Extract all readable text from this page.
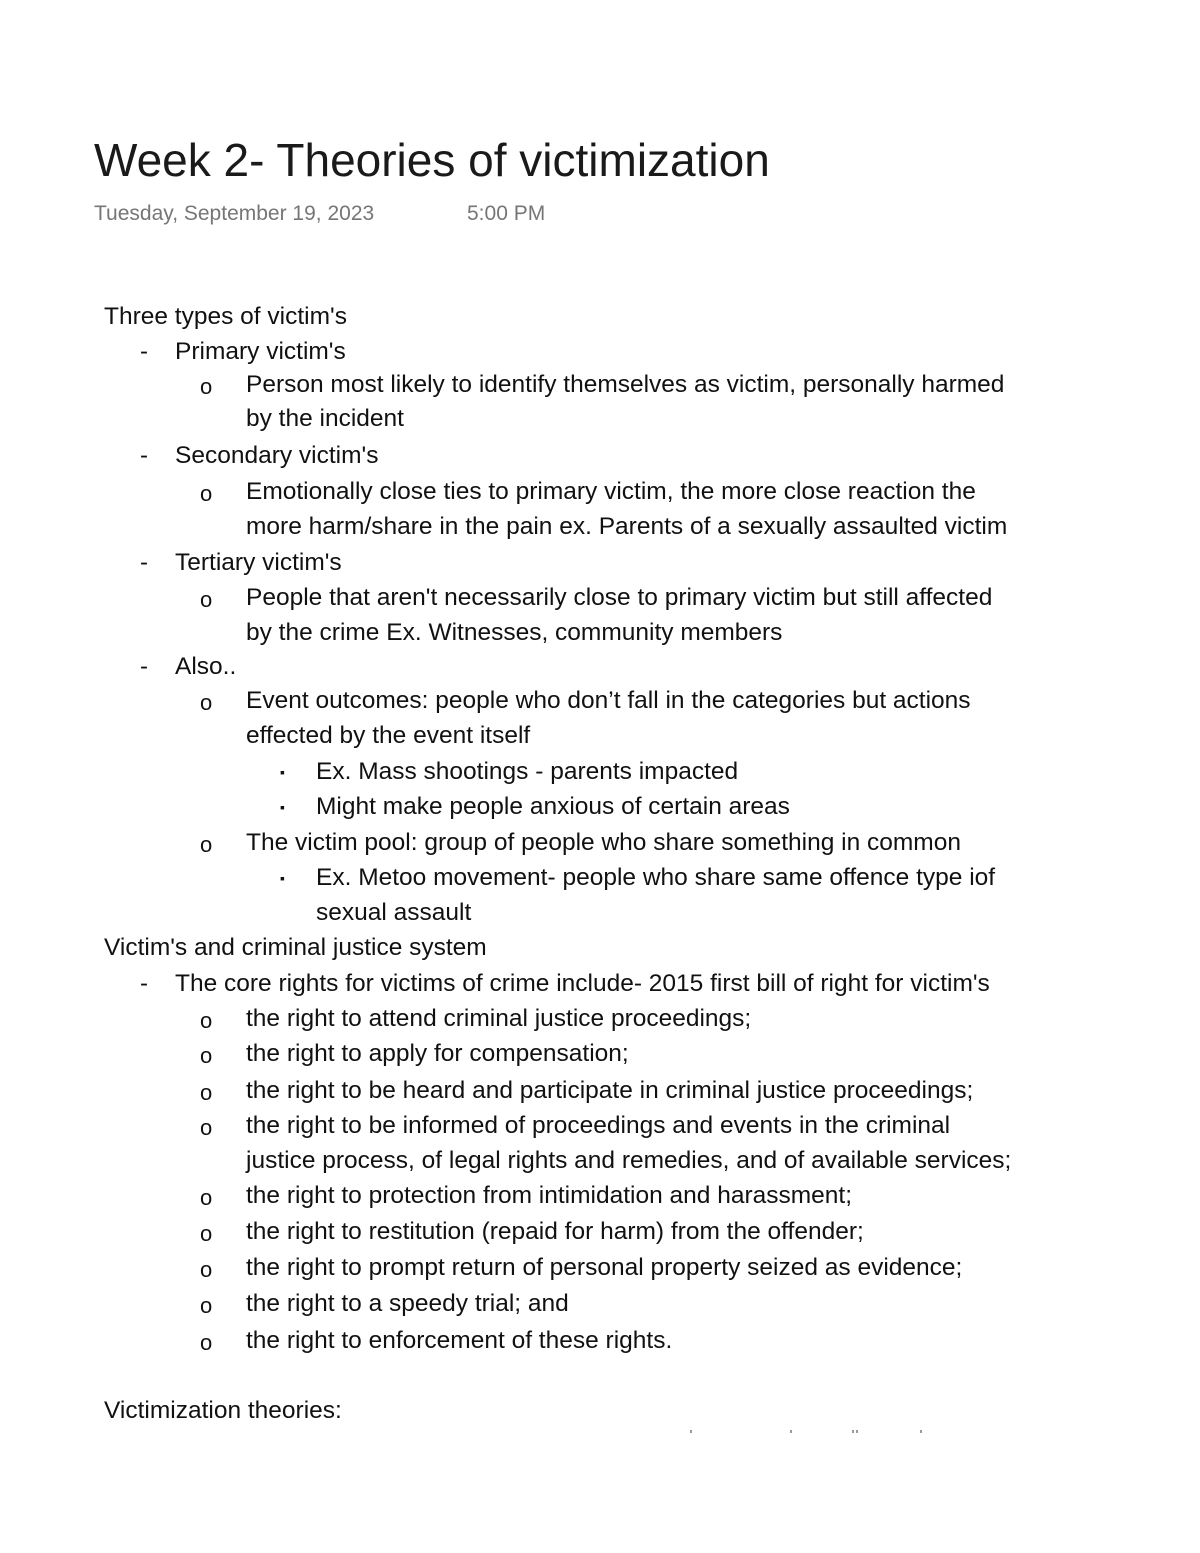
Week 2- Theories of victimization
Tuesday, September 19, 2023	5:00 PM
Three types of victim's
- Primary victim's
o Person most likely to identify themselves as victim, personally harmed
by the incident
- Secondary victim's
o Emotionally close ties to primary victim, the more close reaction the
more harm/share in the pain ex. Parents of a sexually assaulted victim
- Tertiary victim's
o People that aren't necessarily close to primary victim but still affected
by the crime Ex. Witnesses, community members
- Also..
o Event outcomes: people who don’t fall in the categories but actions
effected by the event itself
▪ Ex. Mass shootings - parents impacted
▪ Might make people anxious of certain areas
o The victim pool: group of people who share something in common
▪ Ex. Metoo movement- people who share same offence type iof
sexual assault
Victim's and criminal justice system
- The core rights for victims of crime include- 2015 first bill of right for victim's
o the right to attend criminal justice proceedings;
o the right to apply for compensation;
o the right to be heard and participate in criminal justice proceedings;
o the right to be informed of proceedings and events in the criminal
justice process, of legal rights and remedies, and of available services;
o the right to protection from intimidation and harassment;
o the right to restitution (repaid for harm) from the offender;
o the right to prompt return of personal property seized as evidence;
o the right to a speedy trial; and
o the right to enforcement of these rights.
Victimization theories:
